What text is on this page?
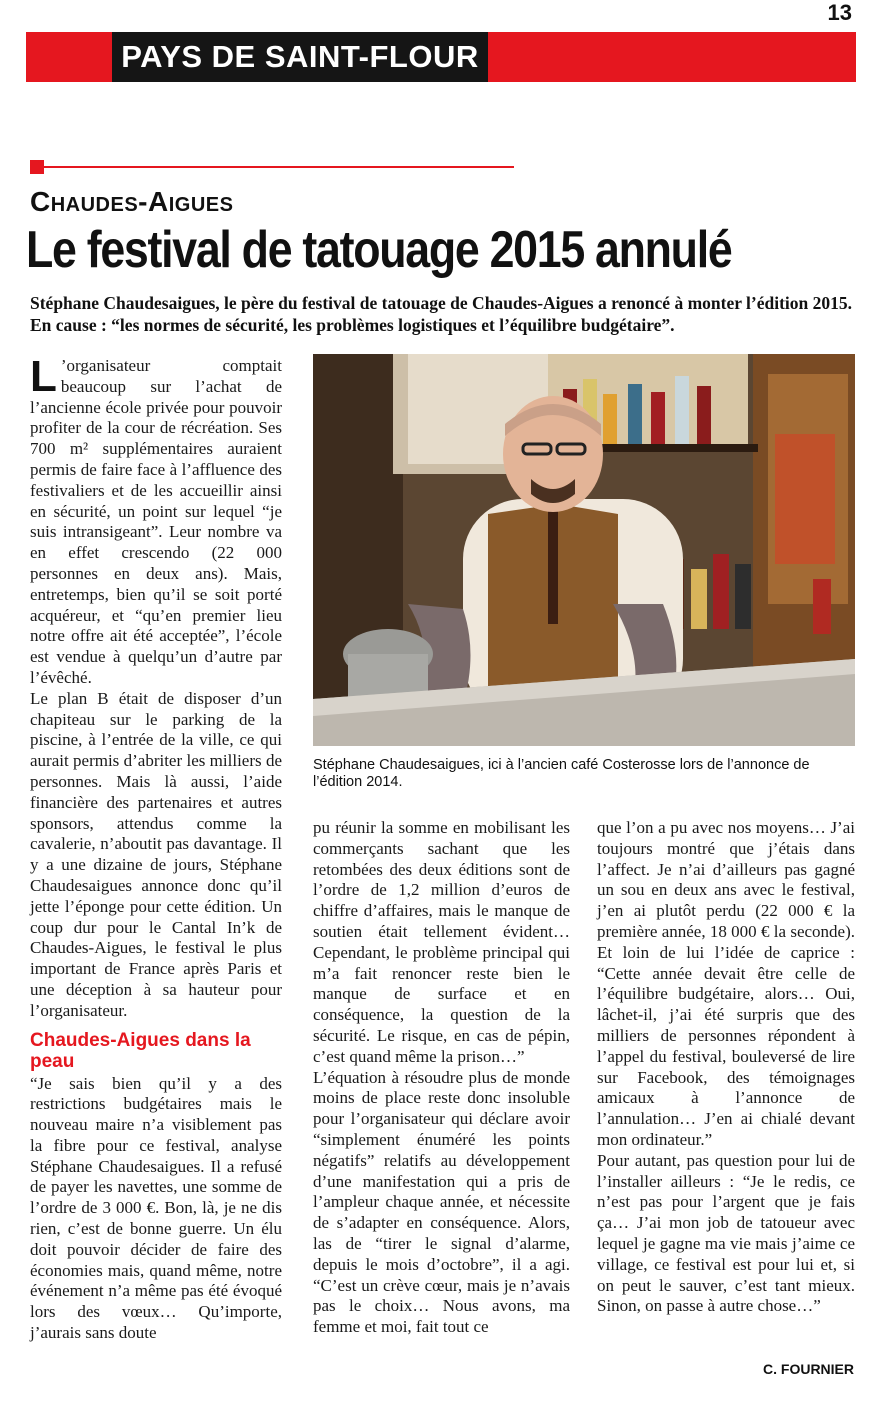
13
PAYS DE SAINT-FLOUR
Chaudes-Aigues
Le festival de tatouage 2015 annulé
Stéphane Chaudesaigues, le père du festival de tatouage de Chaudes-Aigues a renoncé à monter l’édition 2015. En cause : “les normes de sécurité, les problèmes logistiques et l’équilibre budgétaire”.

L ’organisateur comptait beaucoup sur l’achat de l’ancienne école privée pour pouvoir profiter de la cour de récréation. Ses 700 m² supplémentaires auraient permis de faire face à l’affluence des festivaliers et de les accueillir ainsi en sécurité, un point sur lequel “je suis intransigeant”. Leur nombre va en effet crescendo (22 000 personnes en deux ans). Mais, entretemps, bien qu’il se soit porté acquéreur, et “qu’en premier lieu notre offre ait été acceptée”, l’école est vendue à quelqu’un d’autre par l’évêché.

Le plan B était de disposer d’un chapiteau sur le parking de la piscine, à l’entrée de la ville, ce qui aurait permis d’abriter les milliers de personnes. Mais là aussi, l’aide financière des partenaires et autres sponsors, attendus comme la cavalerie, n’aboutit pas davantage. Il y a une dizaine de jours, Stéphane Chaudesaigues annonce donc qu’il jette l’éponge pour cette édition. Un coup dur pour le Cantal In’k de Chaudes-Aigues, le festival le plus important de France après Paris et une déception à sa hauteur pour l’organisateur.

Chaudes-Aigues dans la peau

“Je sais bien qu’il y a des restrictions budgétaires mais le nouveau maire n’a visiblement pas la fibre pour ce festival, analyse Stéphane Chaudesaigues. Il a refusé de payer les navettes, une somme de l’ordre de 3 000 €. Bon, là, je ne dis rien, c’est de bonne guerre. Un élu doit pouvoir décider de faire des économies mais, quand même, notre événement n’a même pas été évoqué lors des vœux… Qu’importe, j’aurais sans doute

Stéphane Chaudesaigues, ici à l’ancien café Costerosse lors de l’annonce de l’édition 2014.

pu réunir la somme en mobilisant les commerçants sachant que les retombées des deux éditions sont de l’ordre de 1,2 million d’euros de chiffre d’affaires, mais le manque de soutien était tellement évident… Cependant, le problème principal qui m’a fait renoncer reste bien le manque de surface et en conséquence, la question de la sécurité. Le risque, en cas de pépin, c’est quand même la prison…”

L’équation à résoudre plus de monde moins de place reste donc insoluble pour l’organisateur qui déclare avoir “simplement énuméré les points négatifs” relatifs au développement d’une manifestation qui a pris de l’ampleur chaque année, et nécessite de s’adapter en conséquence. Alors, las de “tirer le signal d’alarme, depuis le mois d’octobre”, il a agi. “C’est un crève cœur, mais je n’avais pas le choix… Nous avons, ma femme et moi, fait tout ce

que l’on a pu avec nos moyens… J’ai toujours montré que j’étais dans l’affect. Je n’ai d’ailleurs pas gagné un sou en deux ans avec le festival, j’en ai plutôt perdu (22 000 € la première année, 18 000 € la seconde). Et loin de lui l’idée de caprice : “Cette année devait être celle de l’équilibre budgétaire, alors… Oui, lâchet-il, j’ai été surpris que des milliers de personnes répondent à l’appel du festival, bouleversé de lire sur Facebook, des témoignages amicaux à l’annonce de l’annulation… J’en ai chialé devant mon ordinateur.”

Pour autant, pas question pour lui de l’installer ailleurs : “Je le redis, ce n’est pas pour l’argent que je fais ça… J’ai mon job de tatoueur avec lequel je gagne ma vie mais j’aime ce village, ce festival est pour lui et, si on peut le sauver, c’est tant mieux. Sinon, on passe à autre chose…”

C. FOURNIER
